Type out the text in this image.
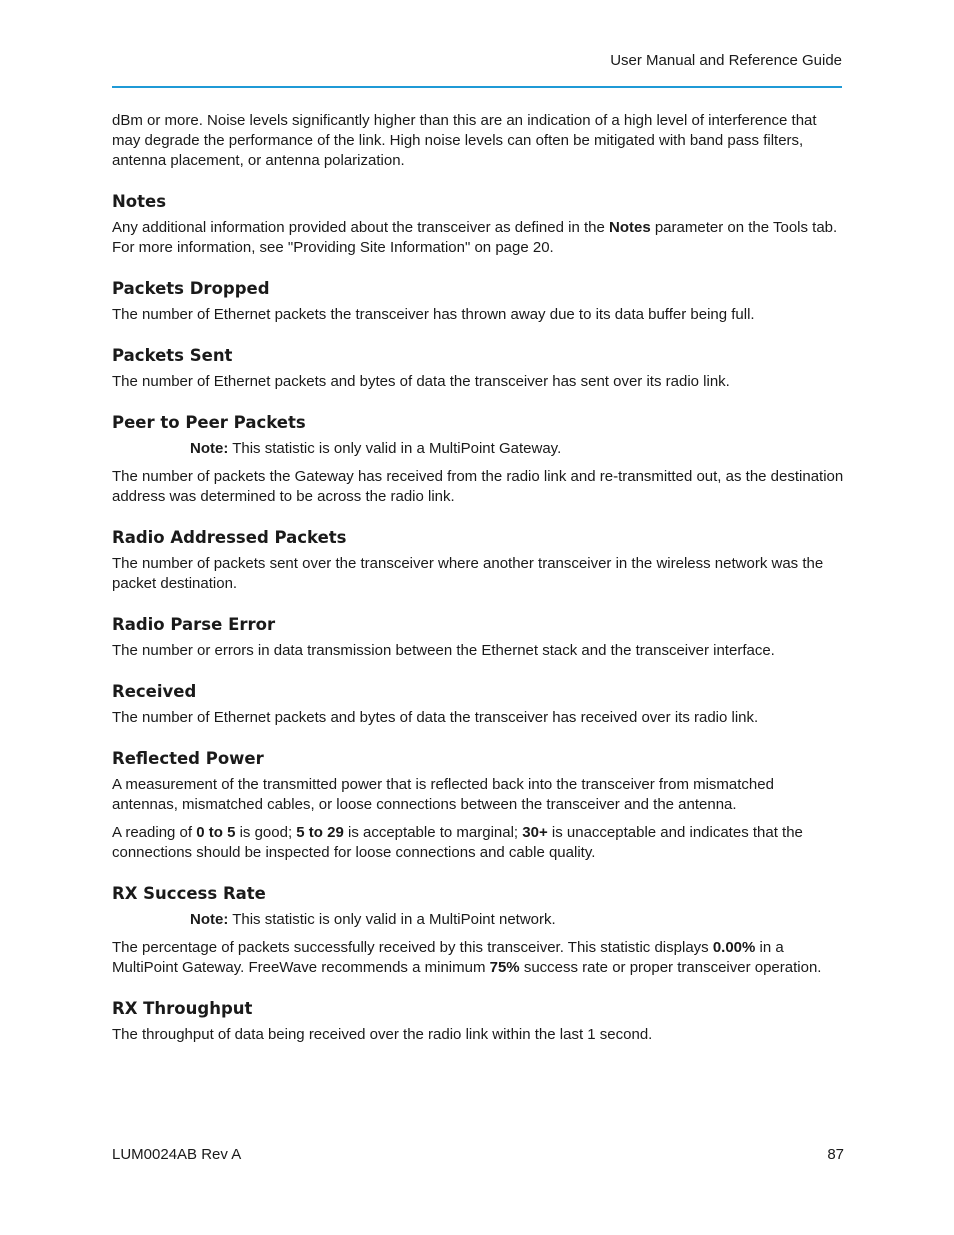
User Manual and Reference Guide

dBm or more. Noise levels significantly higher than this are an indication of a high level of interference that may degrade the performance of the link. High noise levels can often be mitigated with band pass filters, antenna placement, or antenna polarization.

Notes

Any additional information provided about the transceiver as defined in the Notes parameter on the Tools tab. For more information, see "Providing Site Information" on page 20.

Packets Dropped

The number of Ethernet packets the transceiver has thrown away due to its data buffer being full.

Packets Sent

The number of Ethernet packets and bytes of data the transceiver has sent over its radio link.

Peer to Peer Packets

Note: This statistic is only valid in a MultiPoint Gateway.

The number of packets the Gateway has received from the radio link and re-transmitted out, as the destination address was determined to be across the radio link.

Radio Addressed Packets

The number of packets sent over the transceiver where another transceiver in the wireless network was the packet destination.

Radio Parse Error

The number or errors in data transmission between the Ethernet stack and the transceiver interface.

Received

The number of Ethernet packets and bytes of data the transceiver has received over its radio link.

Reflected Power

A measurement of the transmitted power that is reflected back into the transceiver from mismatched antennas, mismatched cables, or loose connections between the transceiver and the antenna.

A reading of 0 to 5 is good; 5 to 29 is acceptable to marginal; 30+ is unacceptable and indicates that the connections should be inspected for loose connections and cable quality.

RX Success Rate

Note: This statistic is only valid in a MultiPoint network.

The percentage of packets successfully received by this transceiver. This statistic displays 0.00% in a MultiPoint Gateway. FreeWave recommends a minimum 75% success rate or proper transceiver operation.

RX Throughput

The throughput of data being received over the radio link within the last 1 second.

LUM0024AB Rev A	87
